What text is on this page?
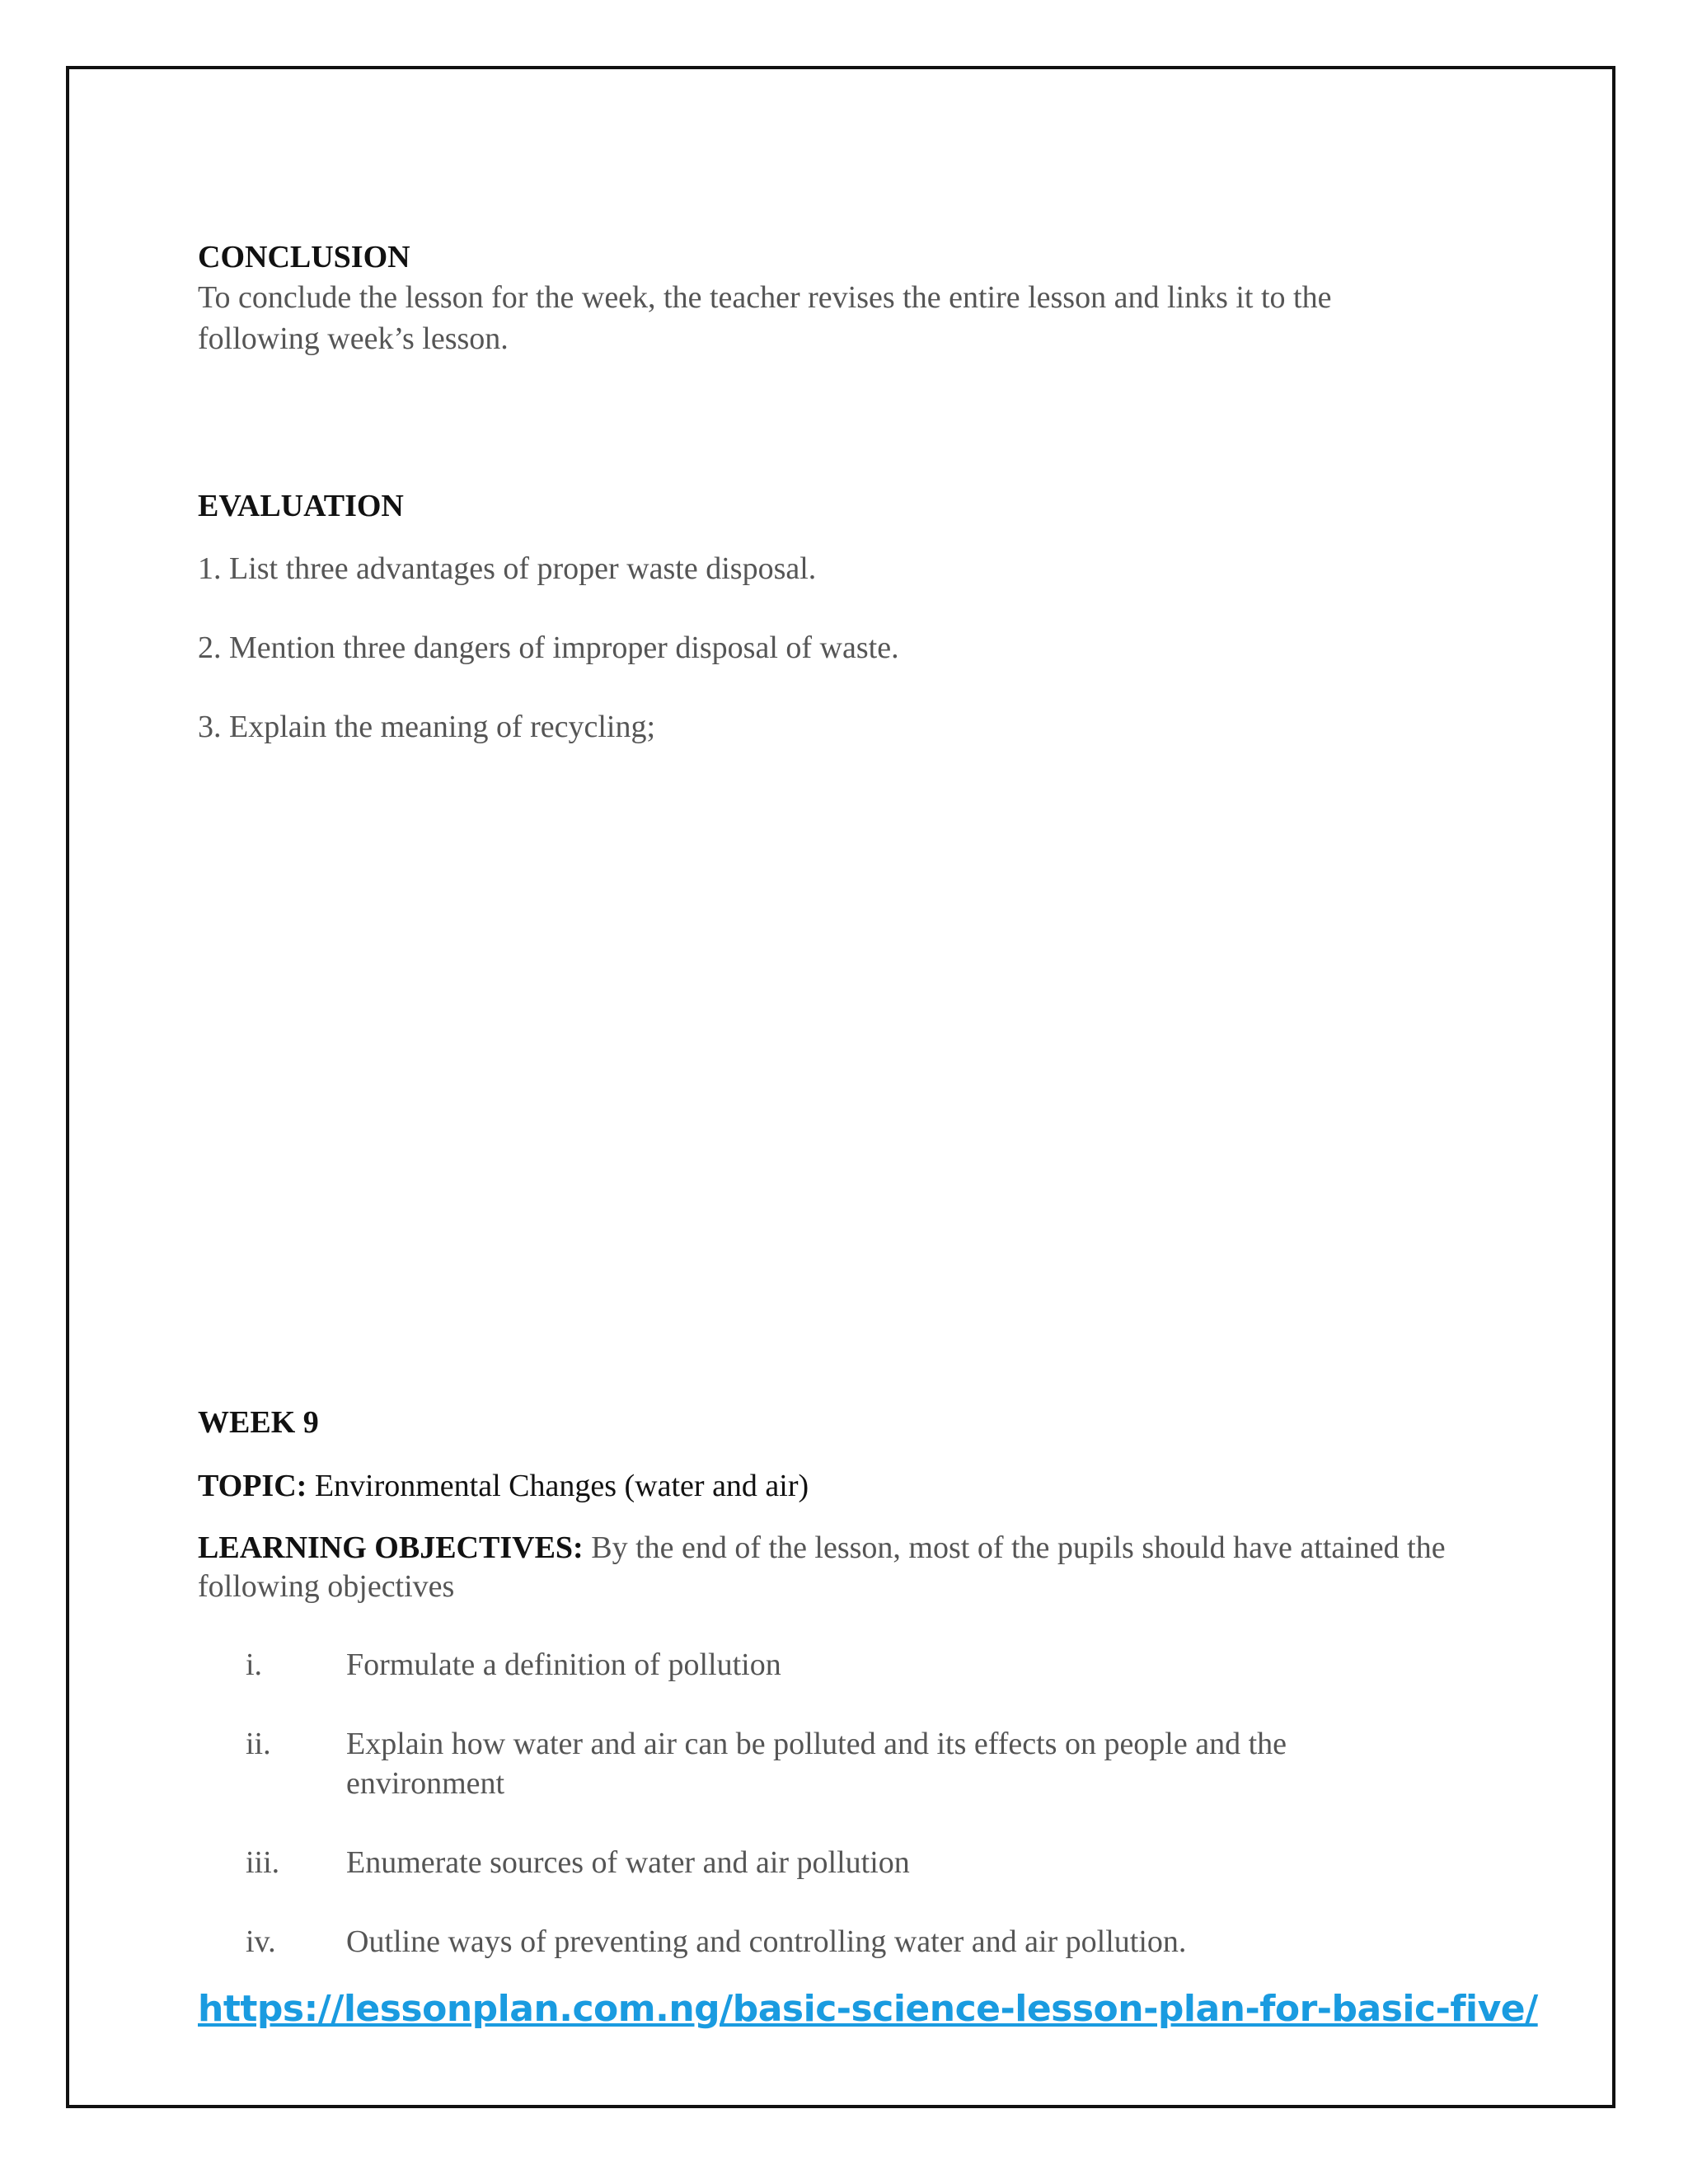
CONCLUSION
To conclude the lesson for the week, the teacher revises the entire lesson and links it to the following week’s lesson.
EVALUATION
1. List three advantages of proper waste disposal.
2. Mention three dangers of improper disposal of waste.
3. Explain the meaning of recycling;
WEEK 9
TOPIC: Environmental Changes (water and air)
LEARNING OBJECTIVES: By the end of the lesson, most of the pupils should have attained the following objectives
i.	Formulate a definition of pollution
ii. Explain how water and air can be polluted and its effects on people and the environment
iii. Enumerate sources of water and air pollution
iv. Outline ways of preventing and controlling water and air pollution.
https://lessonplan.com.ng/basic-science-lesson-plan-for-basic-five/
